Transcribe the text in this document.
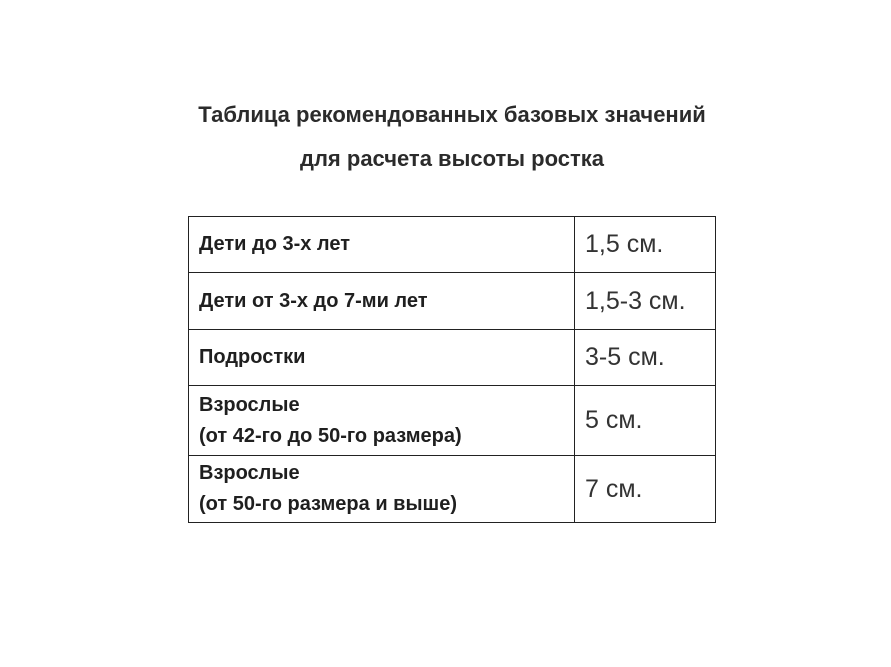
Таблица рекомендованных базовых значений
для расчета высоты ростка
Дети до 3-х лет	1,5 см.

Дети от 3-х до 7-ми лет	1,5-3 см.

Подростки	3-5 см.

Взрослые
(от 42-го до 50-го размера)	5 см.

Взрослые
(от 50-го размера и выше)	7 см.
